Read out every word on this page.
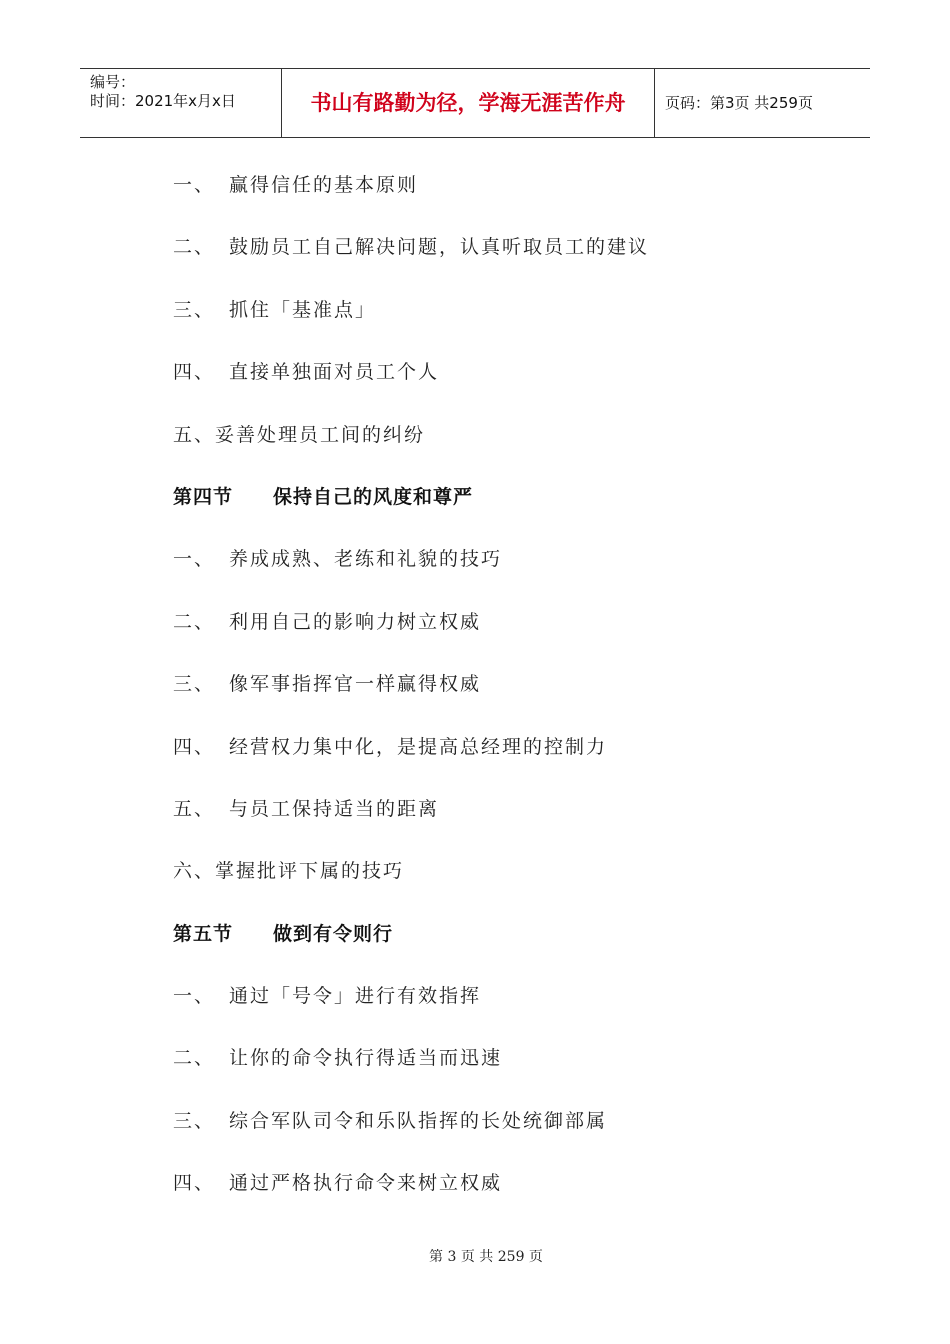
编号：
时间：2021年x月x日	书山有路勤为径，学海无涯苦作舟	页码：第3页 共259页
一、 赢得信任的基本原则
二、 鼓励员工自己解决问题，认真听取员工的建议
三、 抓住「基准点」
四、 直接单独面对员工个人
五、妥善处理员工间的纠纷
第四节 保持自己的风度和尊严
一、 养成成熟、老练和礼貌的技巧
二、 利用自己的影响力树立权威
三、 像军事指挥官一样赢得权威
四、 经营权力集中化，是提高总经理的控制力
五、 与员工保持适当的距离
六、掌握批评下属的技巧
第五节 做到有令则行
一、 通过「号令」进行有效指挥
二、 让你的命令执行得适当而迅速
三、 综合军队司令和乐队指挥的长处统御部属
四、 通过严格执行命令来树立权威
第 3 页 共 259 页
